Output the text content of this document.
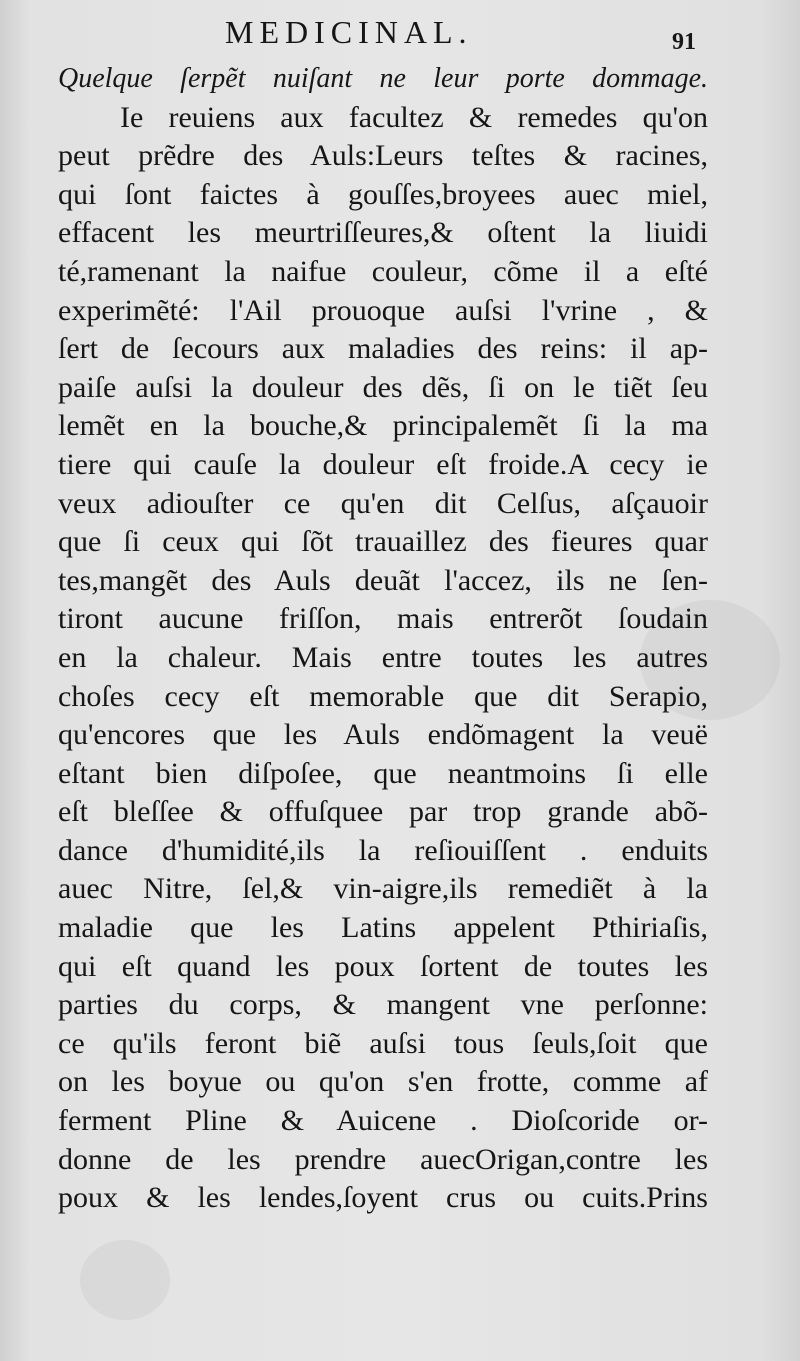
MEDICINAL.	91
Quelque ſerpẽt nuiſant ne leur porte dommage.
Ie reuiens aux facultez & remedes qu'on
peut prẽdre des Auls:Leurs teſtes & racines,
qui ſont faictes à gouſſes,broyees auec miel,
effacent les meurtriſſeures,& oſtent la liuidi
té,ramenant la naifue couleur, cõme il a eſté
experimẽté: l'Ail prouoque auſsi l'vrine , &
ſert de ſecours aux maladies des reins: il ap-
paiſe auſsi la douleur des dẽs, ſi on le tiẽt ſeu
lemẽt en la bouche,& principalemẽt ſi la ma
tiere qui cauſe la douleur eſt froide.A cecy ie
veux adiouſter ce qu'en dit Celſus, aſçauoir
que ſi ceux qui ſõt trauaillez des fieures quar
tes,mangẽt des Auls deuãt l'accez, ils ne ſen-
tiront aucune friſſon, mais entrerõt ſoudain
en la chaleur. Mais entre toutes les autres
choſes cecy eſt memorable que dit Serapio,
qu'encores que les Auls endõmagent la veuë
eſtant bien diſpoſee, que neantmoins ſi elle
eſt bleſſee & offuſquee par trop grande abõ-
dance d'humidité,ils la reſiouiſſent . enduits
auec Nitre, ſel,& vin-aigre,ils remediẽt à la
maladie que les Latins appelent Pthiriaſis,
qui eſt quand les poux ſortent de toutes les
parties du corps, & mangent vne perſonne:
ce qu'ils feront biẽ auſsi tous ſeuls,ſoit que
on les boyue ou qu'on s'en frotte, comme af
ferment Pline & Auicene . Dioſcoride or-
donne de les prendre auecOrigan,contre les
poux & les lendes,ſoyent crus ou cuits.Prins
